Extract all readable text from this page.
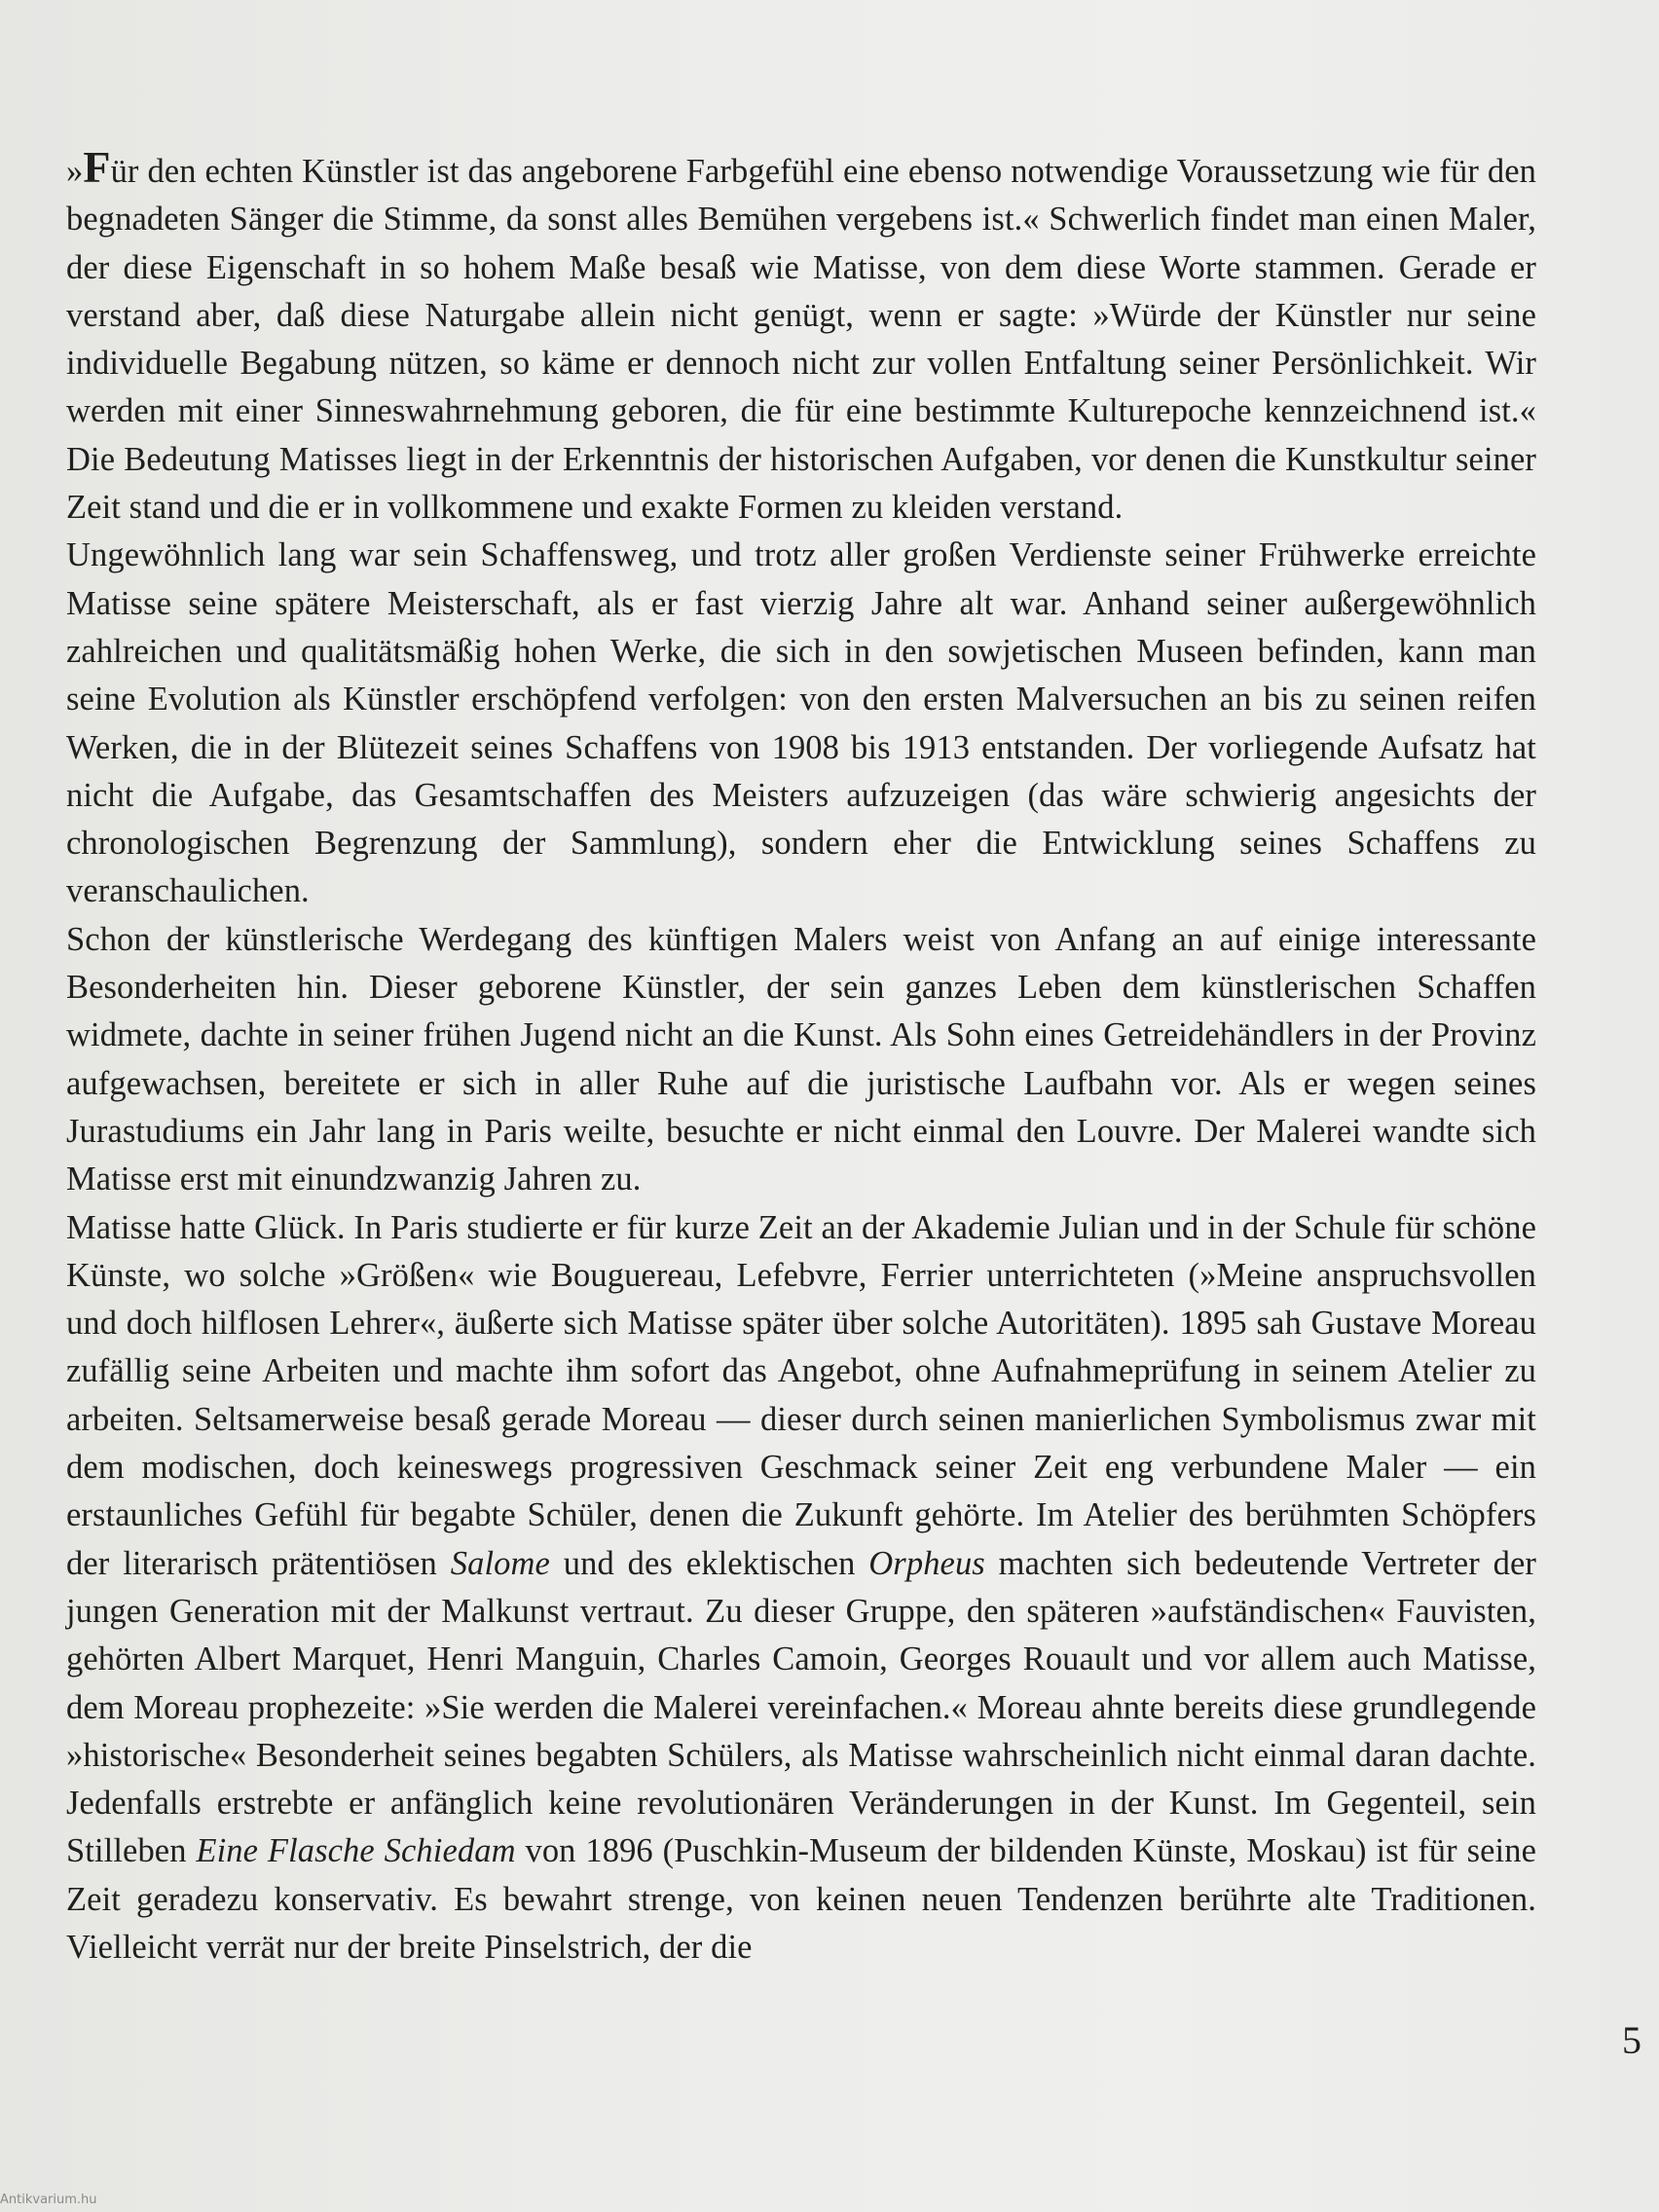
»Für den echten Künstler ist das angeborene Farbgefühl eine ebenso notwendige Voraussetzung wie für den begnadeten Sänger die Stimme, da sonst alles Bemühen vergebens ist.« Schwerlich findet man einen Maler, der diese Eigenschaft in so hohem Maße besaß wie Matisse, von dem diese Worte stammen. Gerade er verstand aber, daß diese Naturgabe allein nicht genügt, wenn er sagte: »Würde der Künstler nur seine individuelle Begabung nützen, so käme er dennoch nicht zur vollen Entfaltung seiner Persönlichkeit. Wir werden mit einer Sinneswahrnehmung geboren, die für eine bestimmte Kulturepoche kennzeichnend ist.« Die Bedeutung Matisses liegt in der Erkenntnis der historischen Aufgaben, vor denen die Kunstkultur seiner Zeit stand und die er in vollkommene und exakte Formen zu kleiden verstand.

Ungewöhnlich lang war sein Schaffensweg, und trotz aller großen Verdienste seiner Frühwerke erreichte Matisse seine spätere Meisterschaft, als er fast vierzig Jahre alt war. Anhand seiner außergewöhnlich zahlreichen und qualitätsmäßig hohen Werke, die sich in den sowjetischen Museen befinden, kann man seine Evolution als Künstler erschöpfend verfolgen: von den ersten Malversuchen an bis zu seinen reifen Werken, die in der Blütezeit seines Schaffens von 1908 bis 1913 entstanden. Der vorliegende Aufsatz hat nicht die Aufgabe, das Gesamtschaffen des Meisters aufzuzeigen (das wäre schwierig angesichts der chronologischen Begrenzung der Sammlung), sondern eher die Entwicklung seines Schaffens zu veranschaulichen.

Schon der künstlerische Werdegang des künftigen Malers weist von Anfang an auf einige interessante Besonderheiten hin. Dieser geborene Künstler, der sein ganzes Leben dem künstlerischen Schaffen widmete, dachte in seiner frühen Jugend nicht an die Kunst. Als Sohn eines Getreidehändlers in der Provinz aufgewachsen, bereitete er sich in aller Ruhe auf die juristische Laufbahn vor. Als er wegen seines Jurastudiums ein Jahr lang in Paris weilte, besuchte er nicht einmal den Louvre. Der Malerei wandte sich Matisse erst mit einundzwanzig Jahren zu.

Matisse hatte Glück. In Paris studierte er für kurze Zeit an der Akademie Julian und in der Schule für schöne Künste, wo solche »Größen« wie Bouguereau, Lefebvre, Ferrier unterrichteten (»Meine anspruchsvollen und doch hilflosen Lehrer«, äußerte sich Matisse später über solche Autoritäten). 1895 sah Gustave Moreau zufällig seine Arbeiten und machte ihm sofort das Angebot, ohne Aufnahmeprüfung in seinem Atelier zu arbeiten. Seltsamerweise besaß gerade Moreau — dieser durch seinen manierlichen Symbolismus zwar mit dem modischen, doch keineswegs progressiven Geschmack seiner Zeit eng verbundene Maler — ein erstaunliches Gefühl für begabte Schüler, denen die Zukunft gehörte. Im Atelier des berühmten Schöpfers der literarisch prätentiösen Salome und des eklektischen Orpheus machten sich bedeutende Vertreter der jungen Generation mit der Malkunst vertraut. Zu dieser Gruppe, den späteren »aufständischen« Fauvisten, gehörten Albert Marquet, Henri Manguin, Charles Camoin, Georges Rouault und vor allem auch Matisse, dem Moreau prophezeite: »Sie werden die Malerei vereinfachen.« Moreau ahnte bereits diese grundlegende »historische« Besonderheit seines begabten Schülers, als Matisse wahrscheinlich nicht einmal daran dachte. Jedenfalls erstrebte er anfänglich keine revolutionären Veränderungen in der Kunst. Im Gegenteil, sein Stilleben Eine Flasche Schiedam von 1896 (Puschkin-Museum der bildenden Künste, Moskau) ist für seine Zeit geradezu konservativ. Es bewahrt strenge, von keinen neuen Tendenzen berührte alte Traditionen. Vielleicht verrät nur der breite Pinselstrich, der die

5
Antikvarium.hu
